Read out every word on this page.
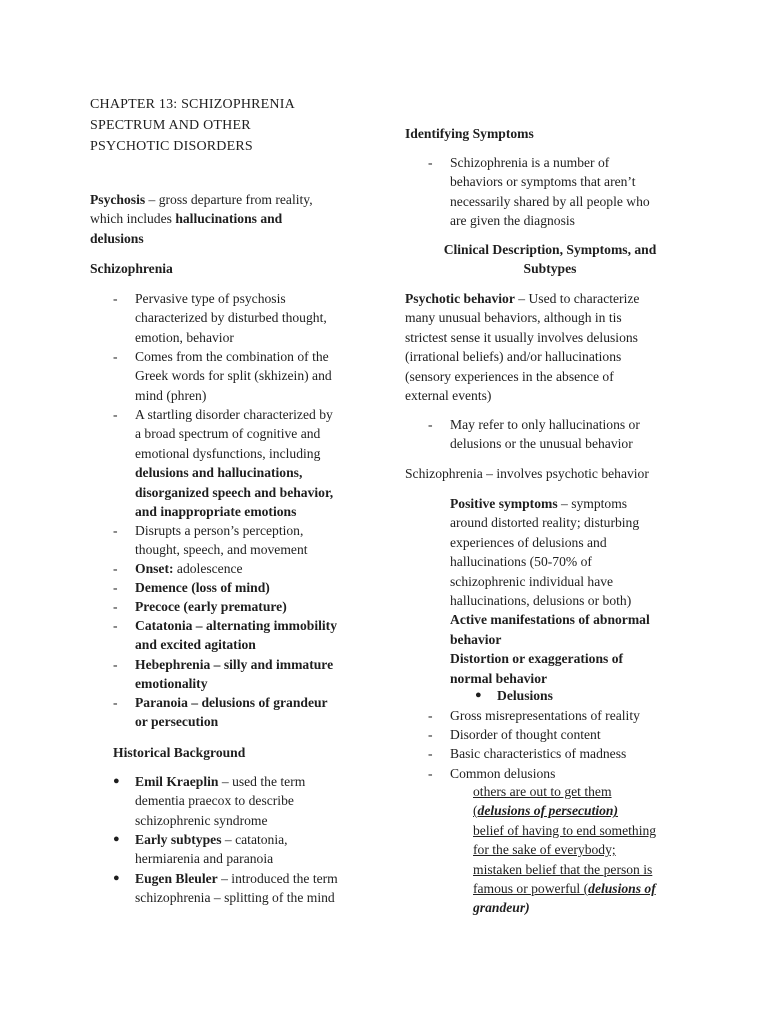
CHAPTER 13: SCHIZOPHRENIA
SPECTRUM AND OTHER
PSYCHOTIC DISORDERS
Psychosis – gross departure from reality,
which includes hallucinations and
delusions
Schizophrenia
- Pervasive type of psychosis
characterized by disturbed thought,
emotion, behavior
- Comes from the combination of the
Greek words for split (skhizein) and
mind (phren)
- A startling disorder characterized by
a broad spectrum of cognitive and
emotional dysfunctions, including
delusions and hallucinations,
disorganized speech and behavior,
and inappropriate emotions
- Disrupts a person’s perception,
thought, speech, and movement
- Onset: adolescence
- Demence (loss of mind)
- Precoce (early premature)
- Catatonia – alternating immobility
and excited agitation
- Hebephrenia – silly and immature
emotionality
- Paranoia – delusions of grandeur
or persecution
Historical Background
● Emil Kraeplin – used the term
dementia praecox to describe
schizophrenic syndrome
● Early subtypes – catatonia,
hermiarenia and paranoia
● Eugen Bleuler – introduced the term
schizophrenia – splitting of the mind
Identifying Symptoms
- Schizophrenia is a number of
behaviors or symptoms that aren’t
necessarily shared by all people who
are given the diagnosis
Clinical Description, Symptoms, and
Subtypes
Psychotic behavior – Used to characterize
many unusual behaviors, although in tis
strictest sense it usually involves delusions
(irrational beliefs) and/or hallucinations
(sensory experiences in the absence of
external events)
- May refer to only hallucinations or
delusions or the unusual behavior
Schizophrenia – involves psychotic behavior
Positive symptoms – symptoms
around distorted reality; disturbing
experiences of delusions and
hallucinations (50-70% of
schizophrenic individual have
hallucinations, delusions or both)
Active manifestations of abnormal
behavior
Distortion or exaggerations of
normal behavior
● Delusions
- Gross misrepresentations of reality
- Disorder of thought content
- Basic characteristics of madness
- Common delusions
others are out to get them
(delusions of persecution)
belief of having to end something
for the sake of everybody;
mistaken belief that the person is
famous or powerful (delusions of
grandeur)
